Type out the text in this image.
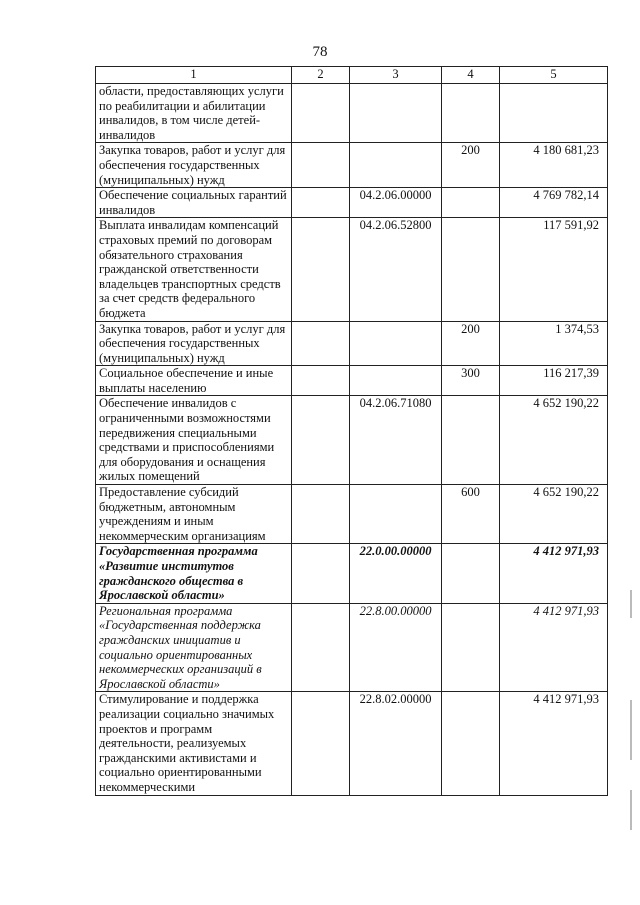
78
1	2	3	4	5
области, предоставляющих услуги по реабилитации и абилитации инвалидов, в том числе детей-инвалидов				
Закупка товаров, работ и услуг для обеспечения государственных (муниципальных) нужд			200	4 180 681,23
Обеспечение социальных гарантий инвалидов		04.2.06.00000		4 769 782,14
Выплата инвалидам компенсаций страховых премий по договорам обязательного страхования гражданской ответственности владельцев транспортных средств за счет средств федерального бюджета		04.2.06.52800		117 591,92
Закупка товаров, работ и услуг для обеспечения государственных (муниципальных) нужд			200	1 374,53
Социальное обеспечение и иные выплаты населению			300	116 217,39
Обеспечение инвалидов с ограниченными возможностями передвижения специальными средствами и приспособлениями для оборудования и оснащения жилых помещений		04.2.06.71080		4 652 190,22
Предоставление субсидий бюджетным, автономным учреждениям и иным некоммерческим организациям			600	4 652 190,22
Государственная программа «Развитие институтов гражданского общества в Ярославской области»		22.0.00.00000		4 412 971,93
Региональная программа «Государственная поддержка гражданских инициатив и социально ориентированных некоммерческих организаций в Ярославской области»		22.8.00.00000		4 412 971,93
Стимулирование и поддержка реализации социально значимых проектов и программ деятельности, реализуемых гражданскими активистами и социально ориентированными некоммерческими		22.8.02.00000		4 412 971,93
